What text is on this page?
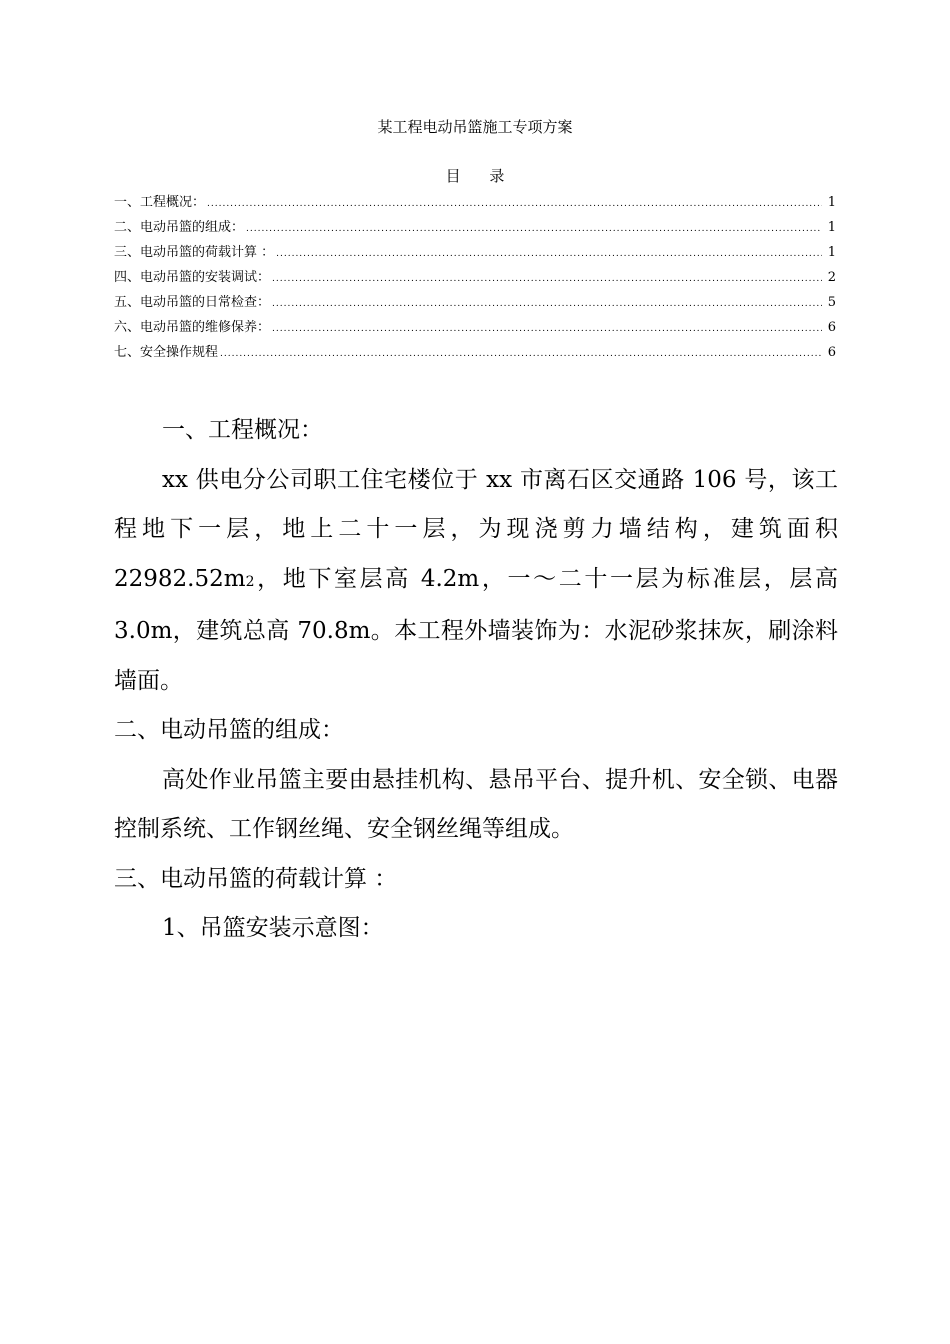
某工程电动吊篮施工专项方案
目 录
一、工程概况： .....	1
二、电动吊篮的组成： .....	1
三、电动吊篮的荷载计算 ： .....	1
四、电动吊篮的安装调试： .....	2
五、电动吊篮的日常检查： .....	5
六、电动吊篮的维修保养： .....	6
七、安全操作规程 .....	6
一、工程概况：

xx 供电分公司职工住宅楼位于 xx 市离石区交通路 106 号，该工程地下一层，地上二十一层，为现浇剪力墙结构，建筑面积 22982.52m2，地下室层高 4.2m，一～二十一层为标准层，层高 3.0m，建筑总高 70.8m。本工程外墙装饰为：水泥砂浆抹灰，刷涂料墙面。

二、电动吊篮的组成：

高处作业吊篮主要由悬挂机构、悬吊平台、提升机、安全锁、电器控制系统、工作钢丝绳、安全钢丝绳等组成。

三、电动吊篮的荷载计算 ：
1、吊篮安装示意图：
